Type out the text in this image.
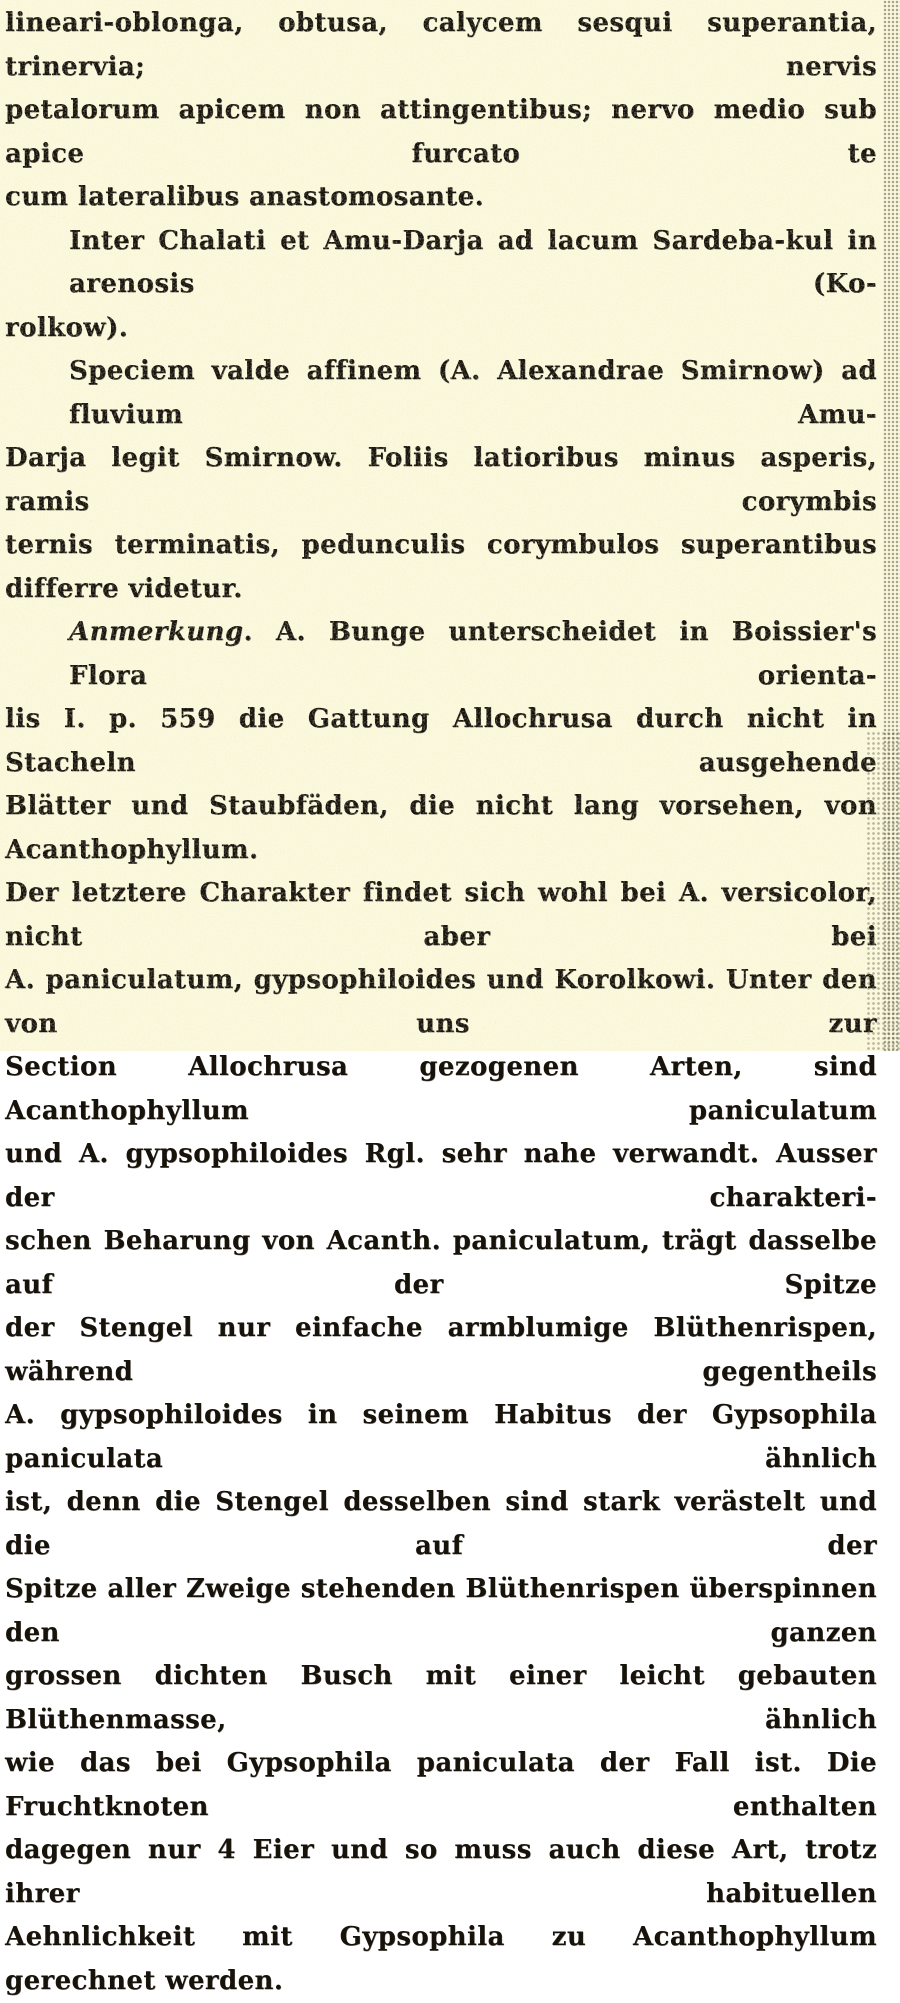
lineari-oblonga, obtusa, calycem sesqui superantia, trinervia; nervis
petalorum apicem non attingentibus; nervo medio sub apice furcato te
cum lateralibus anastomosante.

Inter Chalati et Amu-Darja ad lacum Sardeba-kul in arenosis (Ko-
rolkow).

Speciem valde affinem (A. Alexandrae Smirnow) ad fluvium Amu-
Darja legit Smirnow. Foliis latioribus minus asperis, ramis corymbis
ternis terminatis, pedunculis corymbulos superantibus differre videtur.

Anmerkung. A. Bunge unterscheidet in Boissier's Flora orienta-
lis I. p. 559 die Gattung Allochrusa durch nicht in Stacheln ausgehende
Blätter und Staubfäden, die nicht lang vorsehen, von Acanthophyllum.
Der letztere Charakter findet sich wohl bei A. versicolor, nicht aber bei
A. paniculatum, gypsophiloides und Korolkowi. Unter den von uns zur
Section Allochrusa gezogenen Arten, sind Acanthophyllum paniculatum
und A. gypsophiloides Rgl. sehr nahe verwandt. Ausser der charakteri-
schen Beharung von Acanth. paniculatum, trägt dasselbe auf der Spitze
der Stengel nur einfache armblumige Blüthenrispen, während gegentheils
A. gypsophiloides in seinem Habitus der Gypsophila paniculata ähnlich
ist, denn die Stengel desselben sind stark verästelt und die auf der
Spitze aller Zweige stehenden Blüthenrispen überspinnen den ganzen
grossen dichten Busch mit einer leicht gebauten Blüthenmasse, ähnlich
wie das bei Gypsophila paniculata der Fall ist. Die Fruchtknoten enthalten
dagegen nur 4 Eier und so muss auch diese Art, trotz ihrer habituellen
Aehnlichkeit mit Gypsophila zu Acanthophyllum gerechnet werden.
